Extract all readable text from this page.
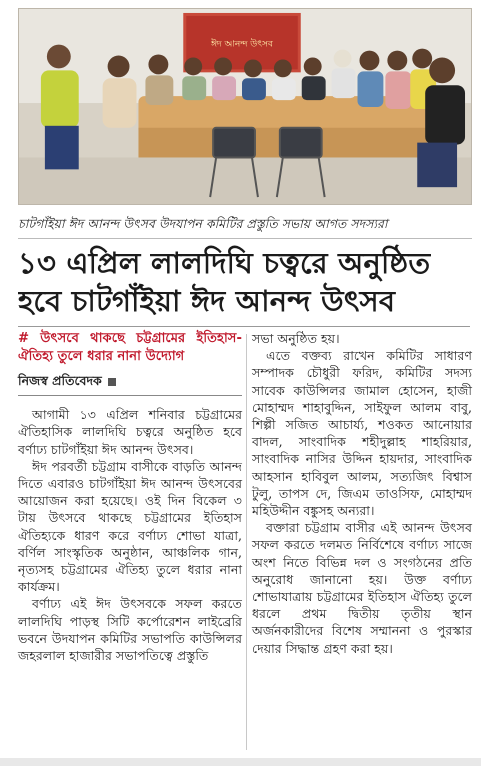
ঈদ আনন্দ উৎসব
চাটগাঁইয়া ঈদ আনন্দ উৎসব উদযাপন কমিটির প্রস্তুতি সভায় আগত সদস্যরা
১৩ এপ্রিল লালদিঘি চত্বরে অনুষ্ঠিত
হবে চাটগাঁইয়া ঈদ আনন্দ উৎসব
# উৎসবে থাকছে চট্টগ্রামের ইতিহাস-ঐতিহ্য তুলে ধরার নানা উদ্যোগ
নিজস্ব প্রতিবেদক

আগামী ১৩ এপ্রিল শনিবার চট্টগ্রামের ঐতিহাসিক লালদিঘি চত্বরে অনুষ্ঠিত হবে বর্ণাঢ্য চাটগাঁইয়া ঈদ আনন্দ উৎসব।

ঈদ পরবর্তী চট্টগ্রাম বাসীকে বাড়তি আনন্দ দিতে এবারও চাটগাঁইয়া ঈদ আনন্দ উৎসবের আয়োজন করা হয়েছে। ওই দিন বিকেল ৩ টায় উৎসবে থাকছে চট্টগ্রামের ইতিহাস ঐতিহ্যকে ধারণ করে বর্ণাঢ্য শোভা যাত্রা, বর্ণিল সাংস্কৃতিক অনুষ্ঠান, আঞ্চলিক গান, নৃত্যসহ চট্টগ্রামের ঐতিহ্য তুলে ধরার নানা কার্যক্রম।

বর্ণাঢ্য এই ঈদ উৎসবকে সফল করতে লালদিঘি পাড়স্থ সিটি কর্পোরেশন লাইব্রেরি ভবনে উদযাপন কমিটির সভাপতি কাউন্সিলর জহরলাল হাজারীর সভাপতিত্বে প্রস্তুতি

সভা অনুষ্ঠিত হয়।

এতে বক্তব্য রাখেন কমিটির সাধারণ সম্পাদক চৌধুরী ফরিদ, কমিটির সদস্য সাবেক কাউন্সিলর জামাল হোসেন, হাজী মোহাম্মদ শাহাবুদ্দিন, সাইফুল আলম বাবু, শিল্পী সজিত আচার্য্য, শওকত আনোয়ার বাদল, সাংবাদিক শহীদুল্লাহ শাহরিয়ার, সাংবাদিক নাসির উদ্দিন হায়দার, সাংবাদিক আহসান হাবিবুল আলম, সত্যজিৎ বিশ্বাস টুলু, তাপস দে, জিএম তাওসিফ, মোহাম্মদ মহিউদ্দীন বঙ্কুসহ অন্যরা।

বক্তারা চট্টগ্রাম বাসীর এই আনন্দ উৎসব সফল করতে দলমত নির্বিশেষে বর্ণাঢ্য সাজে অংশ নিতে বিভিন্ন দল ও সংগঠনের প্রতি অনুরোধ জানানো হয়। উক্ত বর্ণাঢ্য শোভাযাত্রায় চট্টগ্রামের ইতিহাস ঐতিহ্য তুলে ধরলে প্রথম দ্বিতীয় তৃতীয় স্থান অর্জনকারীদের বিশেষ সম্মাননা ও পুরস্কার দেয়ার সিদ্ধান্ত গ্রহণ করা হয়।
